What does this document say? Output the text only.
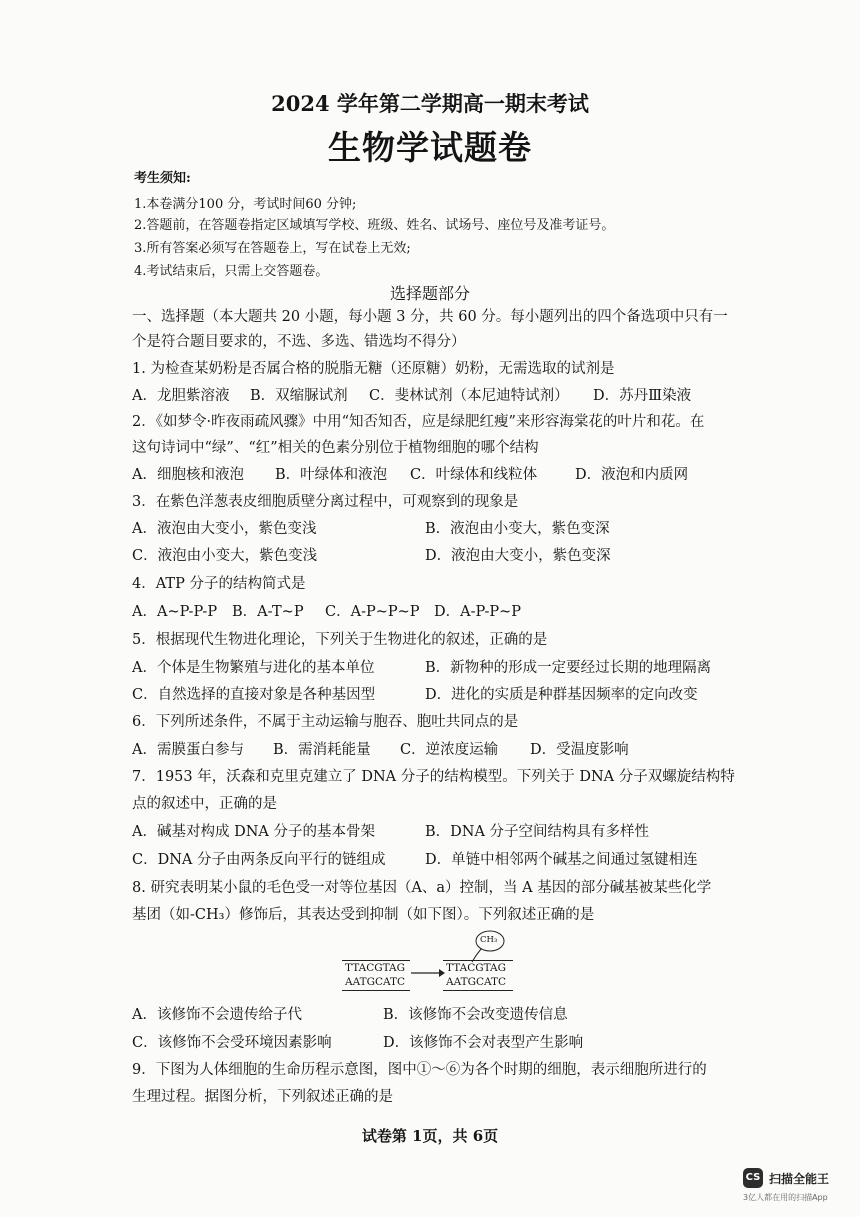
2024 学年第二学期高一期末考试
生物学试题卷
考生须知:
1.本卷满分100 分，考试时间60 分钟;
2.答题前，在答题卷指定区域填写学校、班级、姓名、试场号、座位号及准考证号。
3.所有答案必须写在答题卷上，写在试卷上无效;
4.考试结束后，只需上交答题卷。
选择题部分
一、选择题（本大题共 20 小题，每小题 3 分，共 60 分。每小题列出的四个备选项中只有一
个是符合题目要求的，不选、多选、错选均不得分）
1. 为检查某奶粉是否属合格的脱脂无糖（还原糖）奶粉，无需选取的试剂是
A．龙胆紫溶液 B．双缩脲试剂 C．斐林试剂（本尼迪特试剂） D．苏丹Ⅲ染液
2．《如梦令·昨夜雨疏风骤》中用“知否知否，应是绿肥红瘦”来形容海棠花的叶片和花。在
这句诗词中“绿”、“红”相关的色素分别位于植物细胞的哪个结构
A．细胞核和液泡 B．叶绿体和液泡 C．叶绿体和线粒体	D．液泡和内质网
3．在紫色洋葱表皮细胞质壁分离过程中，可观察到的现象是
A．液泡由大变小，紫色变浅	B．液泡由小变大，紫色变深
C．液泡由小变大，紫色变浅	D．液泡由大变小，紫色变深
4．ATP 分子的结构简式是
A．A~P-P-P B．A-T~P C．A-P~P~P D．A-P-P~P
5．根据现代生物进化理论，下列关于生物进化的叙述，正确的是
A．个体是生物繁殖与进化的基本单位	B．新物种的形成一定要经过长期的地理隔离
C．自然选择的直接对象是各种基因型	D．进化的实质是种群基因频率的定向改变
6．下列所述条件，不属于主动运输与胞吞、胞吐共同点的是
A．需膜蛋白参与 B．需消耗能量 C．逆浓度运输 D．受温度影响
7．1953 年，沃森和克里克建立了 DNA 分子的结构模型。下列关于 DNA 分子双螺旋结构特
点的叙述中，正确的是
A．碱基对构成 DNA 分子的基本骨架	B．DNA 分子空间结构具有多样性
C．DNA 分子由两条反向平行的链组成	D．单链中相邻两个碱基之间通过氢键相连
8. 研究表明某小鼠的毛色受一对等位基因（A、a）控制，当 A 基因的部分碱基被某些化学
基团（如-CH₃）修饰后，其表达受到抑制（如下图）。下列叙述正确的是
TTACGTAG
AATGCATC
TTACGTAG
AATGCATC
CH₃
A．该修饰不会遗传给子代	B．该修饰不会改变遗传信息
C．该修饰不会受环境因素影响	D．该修饰不会对表型产生影响
9．下图为人体细胞的生命历程示意图，图中①～⑥为各个时期的细胞，表示细胞所进行的
生理过程。据图分析，下列叙述正确的是
试卷第 1页，共 6页
CS 扫描全能王
3亿人都在用的扫描App
